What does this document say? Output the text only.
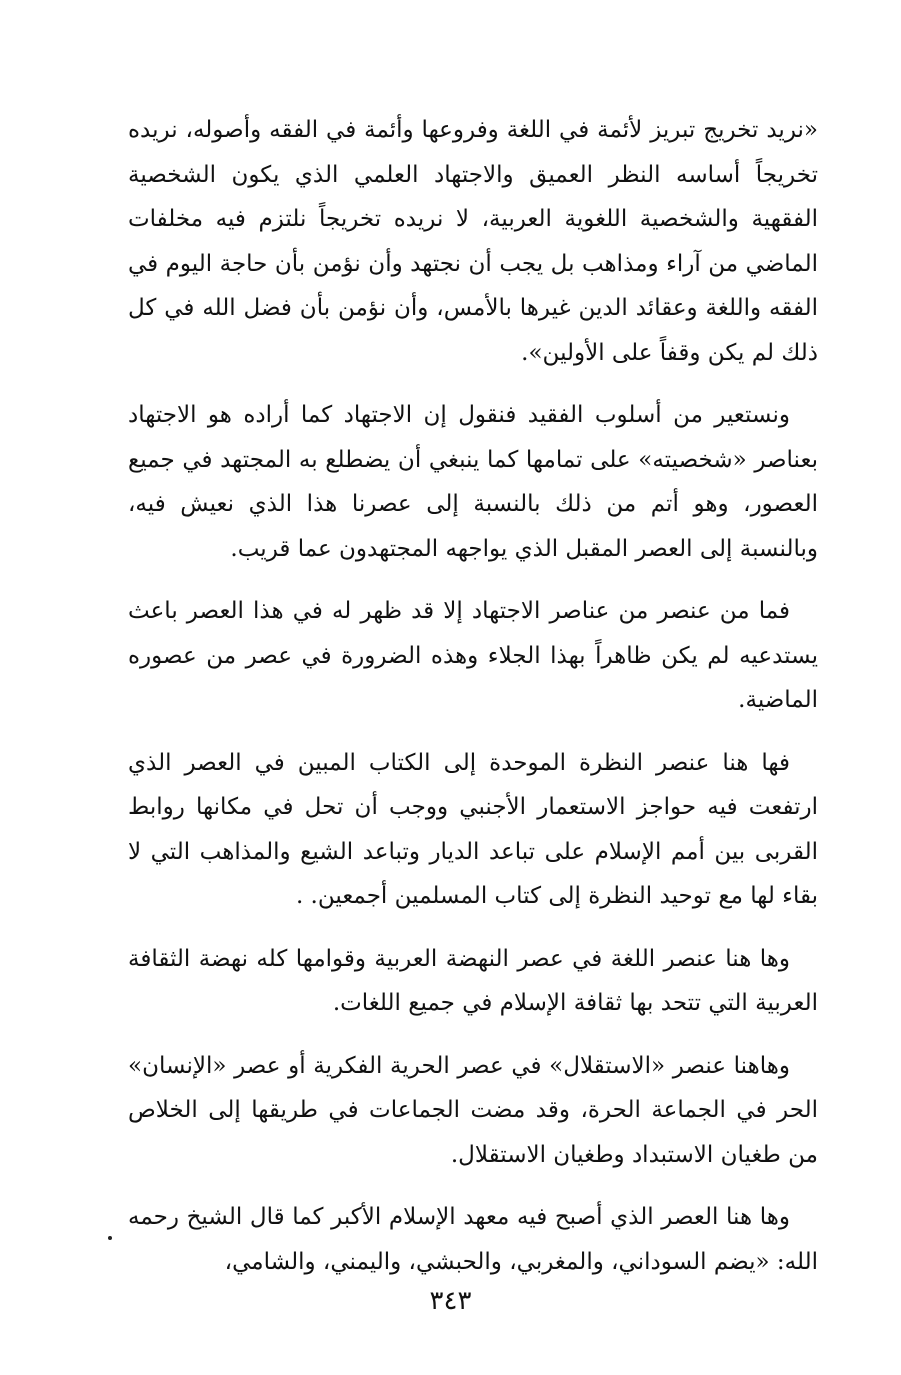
«نريد تخريج تبريز لأئمة في اللغة وفروعها وأئمة في الفقه وأصوله، نريده تخريجاً أساسه النظر العميق والاجتهاد العلمي الذي يكون الشخصية الفقهية والشخصية اللغوية العربية، لا نريده تخريجاً نلتزم فيه مخلفات الماضي من آراء ومذاهب بل يجب أن نجتهد وأن نؤمن بأن حاجة اليوم في الفقه واللغة وعقائد الدين غيرها بالأمس، وأن نؤمن بأن فضل الله في كل ذلك لم يكن وقفاً على الأولين».

ونستعير من أسلوب الفقيد فنقول إن الاجتهاد كما أراده هو الاجتهاد بعناصر «شخصيته» على تمامها كما ينبغي أن يضطلع به المجتهد في جميع العصور، وهو أتم من ذلك بالنسبة إلى عصرنا هذا الذي نعيش فيه، وبالنسبة إلى العصر المقبل الذي يواجهه المجتهدون عما قريب.

فما من عنصر من عناصر الاجتهاد إلا قد ظهر له في هذا العصر باعث يستدعيه لم يكن ظاهراً بهذا الجلاء وهذه الضرورة في عصر من عصوره الماضية.

فها هنا عنصر النظرة الموحدة إلى الكتاب المبين في العصر الذي ارتفعت فيه حواجز الاستعمار الأجنبي ووجب أن تحل في مكانها روابط القربى بين أمم الإسلام على تباعد الديار وتباعد الشيع والمذاهب التي لا بقاء لها مع توحيد النظرة إلى كتاب المسلمين أجمعين. .

وها هنا عنصر اللغة في عصر النهضة العربية وقوامها كله نهضة الثقافة العربية التي تتحد بها ثقافة الإسلام في جميع اللغات.

وهاهنا عنصر «الاستقلال» في عصر الحرية الفكرية أو عصر «الإنسان» الحر في الجماعة الحرة، وقد مضت الجماعات في طريقها إلى الخلاص من طغيان الاستبداد وطغيان الاستقلال.

وها هنا العصر الذي أصبح فيه معهد الإسلام الأكبر كما قال الشيخ رحمه الله: «يضم السوداني، والمغربي، والحبشي، واليمني، والشامي،

٣٤٣
